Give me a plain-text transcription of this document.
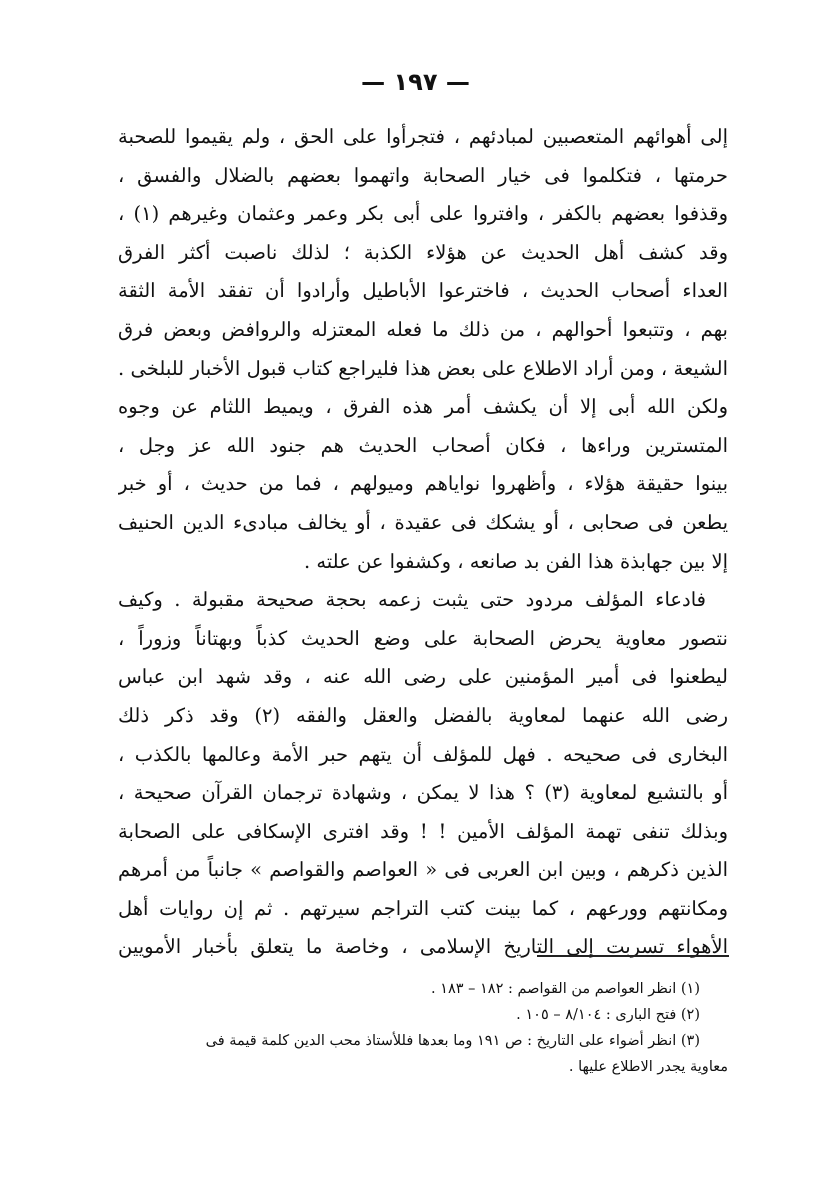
— ١٩٧ —
إلى أهوائهم المتعصبين لمبادئهم ، فتجرأوا على الحق ، ولم يقيموا للصحبة
حرمتها ، فتكلموا فى خيار الصحابة واتهموا بعضهم بالضلال والفسق ،
وقذفوا بعضهم بالكفر ، وافتروا على أبى بكر وعمر وعثمان وغيرهم (١) ،
وقد كشف أهل الحديث عن هؤلاء الكذبة ؛ لذلك ناصبت أكثر الفرق
العداء أصحاب الحديث ، فاخترعوا الأباطيل وأرادوا أن تفقد الأمة الثقة
بهم ، وتتبعوا أحوالهم ، من ذلك ما فعله المعتزله والروافض وبعض فرق
الشيعة ، ومن أراد الاطلاع على بعض هذا فليراجع كتاب قبول الأخبار للبلخى .
ولكن الله أبى إلا أن يكشف أمر هذه الفرق ، ويميط اللثام عن وجوه
المتسترين وراءها ، فكان أصحاب الحديث هم جنود الله عز وجل ،
بينوا حقيقة هؤلاء ، وأظهروا نواياهم وميولهم ، فما من حديث ، أو خبر
يطعن فى صحابى ، أو يشكك فى عقيدة ، أو يخالف مبادىء الدين الحنيف
إلا بين جهابذة هذا الفن بد صانعه ، وكشفوا عن علته .
فادعاء المؤلف مردود حتى يثبت زعمه بحجة صحيحة مقبولة . وكيف
نتصور معاوية يحرض الصحابة على وضع الحديث كذباً وبهتاناً وزوراً ،
ليطعنوا فى أمير المؤمنين على رضى الله عنه ، وقد شهد ابن عباس
رضى الله عنهما لمعاوية بالفضل والعقل والفقه (٢) وقد ذكر ذلك
البخارى فى صحيحه . فهل للمؤلف أن يتهم حبر الأمة وعالمها بالكذب ،
أو بالتشيع لمعاوية (٣) ؟ هذا لا يمكن ، وشهادة ترجمان القرآن صحيحة ،
وبذلك تنفى تهمة المؤلف الأمين ! ! وقد افترى الإسكافى على الصحابة
الذين ذكرهم ، وبين ابن العربى فى « العواصم والقواصم » جانباً من أمرهم
ومكانتهم وورعهم ، كما بينت كتب التراجم سيرتهم . ثم إن روايات أهل
الأهواء تسربت إلى التاريخ الإسلامى ، وخاصة ما يتعلق بأخبار الأمويين
(١) انظر العواصم من القواصم : ١٨٢ – ١٨٣ .
(٢) فتح البارى : ٨/١٠٤ – ١٠٥ .
(٣) انظر أضواء على التاريخ : ص ١٩١ وما بعدها فللأستاذ محب الدين كلمة قيمة فى
معاوية يجدر الاطلاع عليها .
